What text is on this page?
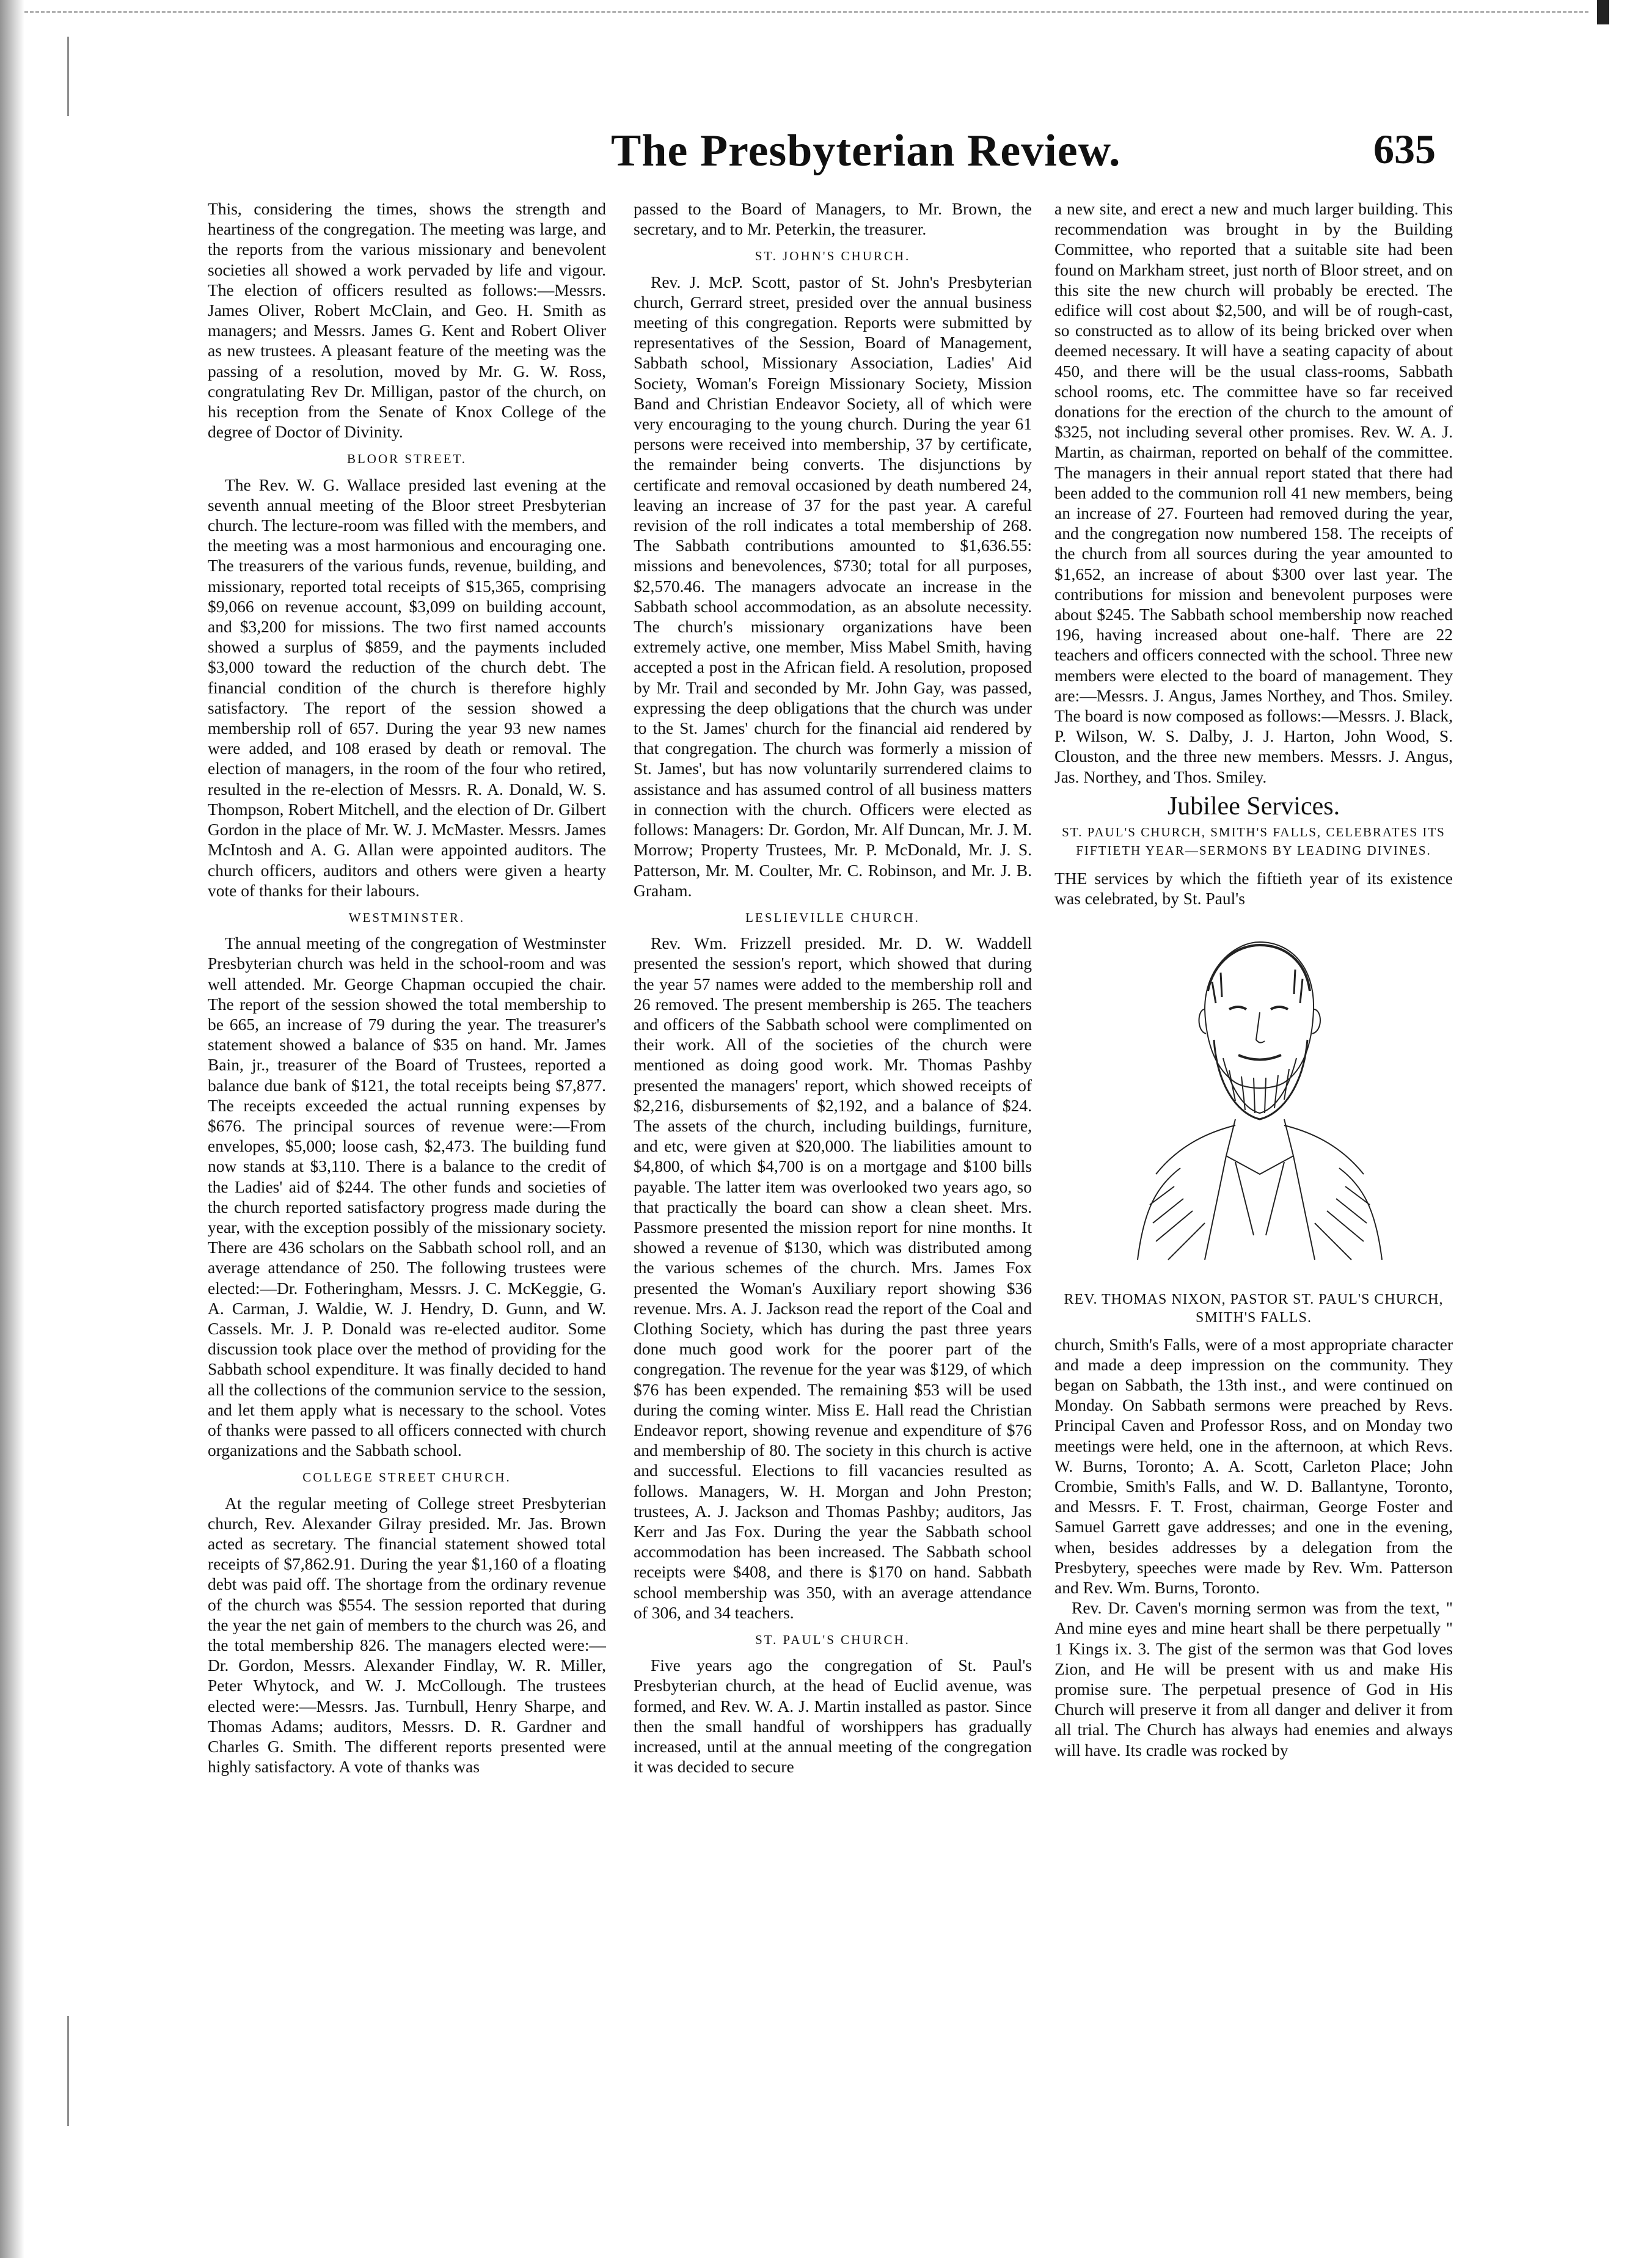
The Presbyterian Review.	635

This, considering the times, shows the strength and heartiness of the congregation. The meeting was large, and the reports from the various missionary and benevolent societies all showed a work pervaded by life and vigour. The election of officers resulted as follows:—Messrs. James Oliver, Robert McClain, and Geo. H. Smith as managers; and Messrs. James G. Kent and Robert Oliver as new trustees. A pleasant feature of the meeting was the passing of a resolution, moved by Mr. G. W. Ross, congratulating Rev Dr. Milligan, pastor of the church, on his reception from the Senate of Knox College of the degree of Doctor of Divinity.

BLOOR STREET.

The Rev. W. G. Wallace presided last evening at the seventh annual meeting of the Bloor street Presbyterian church. The lecture-room was filled with the members, and the meeting was a most harmonious and encouraging one. The treasurers of the various funds, revenue, building, and missionary, reported total receipts of $15,365, comprising $9,066 on revenue account, $3,099 on building account, and $3,200 for missions. The two first named accounts showed a surplus of $859, and the payments included $3,000 toward the reduction of the church debt. The financial condition of the church is therefore highly satisfactory. The report of the session showed a membership roll of 657. During the year 93 new names were added, and 108 erased by death or removal. The election of managers, in the room of the four who retired, resulted in the re-election of Messrs. R. A. Donald, W. S. Thompson, Robert Mitchell, and the election of Dr. Gilbert Gordon in the place of Mr. W. J. McMaster. Messrs. James McIntosh and A. G. Allan were appointed auditors. The church officers, auditors and others were given a hearty vote of thanks for their labours.

WESTMINSTER.

The annual meeting of the congregation of Westminster Presbyterian church was held in the school-room and was well attended. Mr. George Chapman occupied the chair. The report of the session showed the total membership to be 665, an increase of 79 during the year. The treasurer's statement showed a balance of $35 on hand. Mr. James Bain, jr., treasurer of the Board of Trustees, reported a balance due bank of $121, the total receipts being $7,877. The receipts exceeded the actual running expenses by $676. The principal sources of revenue were:—From envelopes, $5,000; loose cash, $2,473. The building fund now stands at $3,110. There is a balance to the credit of the Ladies' aid of $244. The other funds and societies of the church reported satisfactory progress made during the year, with the exception possibly of the missionary society. There are 436 scholars on the Sabbath school roll, and an average attendance of 250. The following trustees were elected:—Dr. Fotheringham, Messrs. J. C. McKeggie, G. A. Carman, J. Waldie, W. J. Hendry, D. Gunn, and W. Cassels. Mr. J. P. Donald was re-elected auditor. Some discussion took place over the method of providing for the Sabbath school expenditure. It was finally decided to hand all the collections of the communion service to the session, and let them apply what is necessary to the school. Votes of thanks were passed to all officers connected with church organizations and the Sabbath school.

COLLEGE STREET CHURCH.

At the regular meeting of College street Presbyterian church, Rev. Alexander Gilray presided. Mr. Jas. Brown acted as secretary. The financial statement showed total receipts of $7,862.91. During the year $1,160 of a floating debt was paid off. The shortage from the ordinary revenue of the church was $554. The session reported that during the year the net gain of members to the church was 26, and the total membership 826. The managers elected were:—Dr. Gordon, Messrs. Alexander Findlay, W. R. Miller, Peter Whytock, and W. J. McCollough. The trustees elected were:—Messrs. Jas. Turnbull, Henry Sharpe, and Thomas Adams; auditors, Messrs. D. R. Gardner and Charles G. Smith. The different reports presented were highly satisfactory. A vote of thanks was

passed to the Board of Managers, to Mr. Brown, the secretary, and to Mr. Peterkin, the treasurer.

ST. JOHN'S CHURCH.

Rev. J. McP. Scott, pastor of St. John's Presbyterian church, Gerrard street, presided over the annual business meeting of this congregation. Reports were submitted by representatives of the Session, Board of Management, Sabbath school, Missionary Association, Ladies' Aid Society, Woman's Foreign Missionary Society, Mission Band and Christian Endeavor Society, all of which were very encouraging to the young church. During the year 61 persons were received into membership, 37 by certificate, the remainder being converts. The disjunctions by certificate and removal occasioned by death numbered 24, leaving an increase of 37 for the past year. A careful revision of the roll indicates a total membership of 268. The Sabbath contributions amounted to $1,636.55: missions and benevolences, $730; total for all purposes, $2,570.46. The managers advocate an increase in the Sabbath school accommodation, as an absolute necessity. The church's missionary organizations have been extremely active, one member, Miss Mabel Smith, having accepted a post in the African field. A resolution, proposed by Mr. Trail and seconded by Mr. John Gay, was passed, expressing the deep obligations that the church was under to the St. James' church for the financial aid rendered by that congregation. The church was formerly a mission of St. James', but has now voluntarily surrendered claims to assistance and has assumed control of all business matters in connection with the church. Officers were elected as follows: Managers: Dr. Gordon, Mr. Alf Duncan, Mr. J. M. Morrow; Property Trustees, Mr. P. McDonald, Mr. J. S. Patterson, Mr. M. Coulter, Mr. C. Robinson, and Mr. J. B. Graham.

LESLIEVILLE CHURCH.

Rev. Wm. Frizzell presided. Mr. D. W. Waddell presented the session's report, which showed that during the year 57 names were added to the membership roll and 26 removed. The present membership is 265. The teachers and officers of the Sabbath school were complimented on their work. All of the societies of the church were mentioned as doing good work. Mr. Thomas Pashby presented the managers' report, which showed receipts of $2,216, disbursements of $2,192, and a balance of $24. The assets of the church, including buildings, furniture, and etc, were given at $20,000. The liabilities amount to $4,800, of which $4,700 is on a mortgage and $100 bills payable. The latter item was overlooked two years ago, so that practically the board can show a clean sheet. Mrs. Passmore presented the mission report for nine months. It showed a revenue of $130, which was distributed among the various schemes of the church. Mrs. James Fox presented the Woman's Auxiliary report showing $36 revenue. Mrs. A. J. Jackson read the report of the Coal and Clothing Society, which has during the past three years done much good work for the poorer part of the congregation. The revenue for the year was $129, of which $76 has been expended. The remaining $53 will be used during the coming winter. Miss E. Hall read the Christian Endeavor report, showing revenue and expenditure of $76 and membership of 80. The society in this church is active and successful. Elections to fill vacancies resulted as follows. Managers, W. H. Morgan and John Preston; trustees, A. J. Jackson and Thomas Pashby; auditors, Jas Kerr and Jas Fox. During the year the Sabbath school accommodation has been increased. The Sabbath school receipts were $408, and there is $170 on hand. Sabbath school membership was 350, with an average attendance of 306, and 34 teachers.

ST. PAUL'S CHURCH.

Five years ago the congregation of St. Paul's Presbyterian church, at the head of Euclid avenue, was formed, and Rev. W. A. J. Martin installed as pastor. Since then the small handful of worshippers has gradually increased, until at the annual meeting of the congregation it was decided to secure

a new site, and erect a new and much larger building. This recommendation was brought in by the Building Committee, who reported that a suitable site had been found on Markham street, just north of Bloor street, and on this site the new church will probably be erected. The edifice will cost about $2,500, and will be of rough-cast, so constructed as to allow of its being bricked over when deemed necessary. It will have a seating capacity of about 450, and there will be the usual class-rooms, Sabbath school rooms, etc. The committee have so far received donations for the erection of the church to the amount of $325, not including several other promises. Rev. W. A. J. Martin, as chairman, reported on behalf of the committee. The managers in their annual report stated that there had been added to the communion roll 41 new members, being an increase of 27. Fourteen had removed during the year, and the congregation now numbered 158. The receipts of the church from all sources during the year amounted to $1,652, an increase of about $300 over last year. The contributions for mission and benevolent purposes were about $245. The Sabbath school membership now reached 196, having increased about one-half. There are 22 teachers and officers connected with the school. Three new members were elected to the board of management. They are:—Messrs. J. Angus, James Northey, and Thos. Smiley. The board is now composed as follows:—Messrs. J. Black, P. Wilson, W. S. Dalby, J. J. Harton, John Wood, S. Clouston, and the three new members. Messrs. J. Angus, Jas. Northey, and Thos. Smiley.

Jubilee Services.
ST. PAUL'S CHURCH, SMITH'S FALLS, CELEBRATES ITS FIFTIETH YEAR—SERMONS BY LEADING DIVINES.

THE services by which the fiftieth year of its existence was celebrated, by St. Paul's

REV. THOMAS NIXON, PASTOR ST. PAUL'S CHURCH, SMITH'S FALLS.

church, Smith's Falls, were of a most appropriate character and made a deep impression on the community. They began on Sabbath, the 13th inst., and were continued on Monday. On Sabbath sermons were preached by Revs. Principal Caven and Professor Ross, and on Monday two meetings were held, one in the afternoon, at which Revs. W. Burns, Toronto; A. A. Scott, Carleton Place; John Crombie, Smith's Falls, and W. D. Ballantyne, Toronto, and Messrs. F. T. Frost, chairman, George Foster and Samuel Garrett gave addresses; and one in the evening, when, besides addresses by a delegation from the Presbytery, speeches were made by Rev. Wm. Patterson and Rev. Wm. Burns, Toronto.

Rev. Dr. Caven's morning sermon was from the text, " And mine eyes and mine heart shall be there perpetually " 1 Kings ix. 3. The gist of the sermon was that God loves Zion, and He will be present with us and make His promise sure. The perpetual presence of God in His Church will preserve it from all danger and deliver it from all trial. The Church has always had enemies and always will have. Its cradle was rocked by
